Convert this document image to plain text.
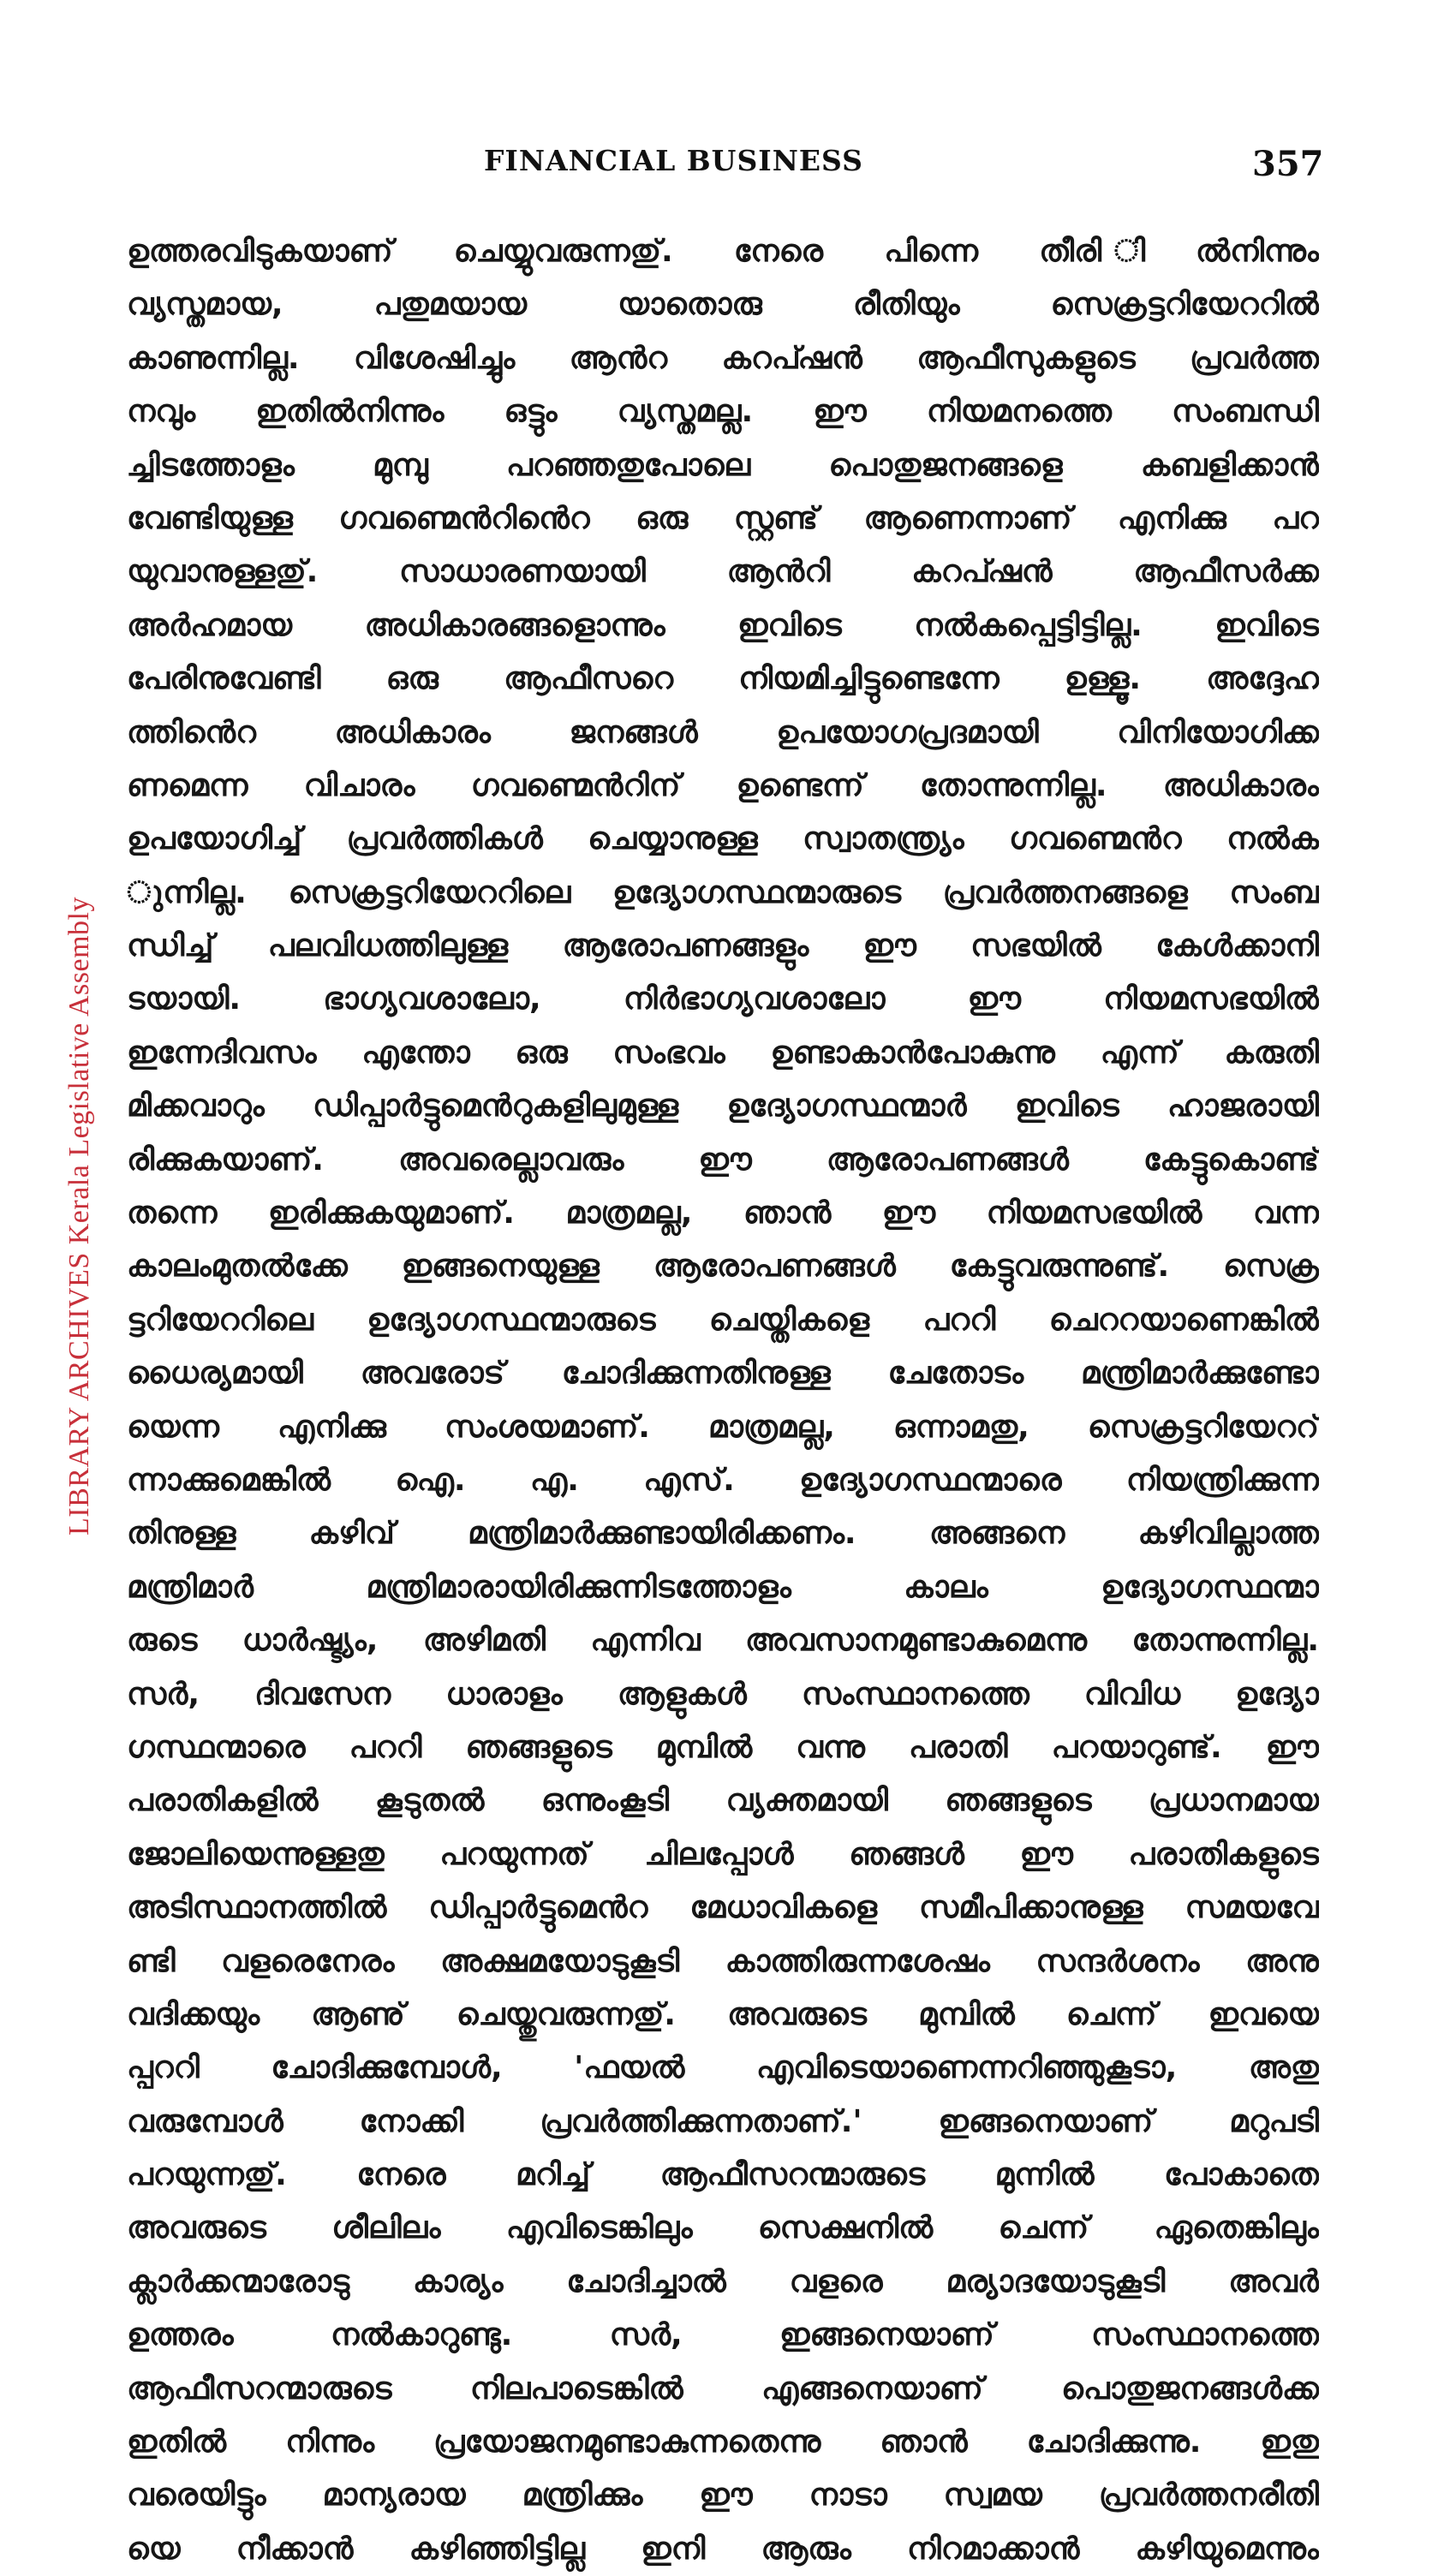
FINANCIAL BUSINESS	357
LIBRARY ARCHIVES Kerala Legislative Assembly
ഉത്തരവിടുകയാണ് ചെയ്യുവരുന്നതു്. നേരെ പിന്നെ തീരി ിൽനിന്നും
വ്യസ്തമായ, പതുമയായ യാതൊരു രീതിയും സെക്രട്ടറിയേററിൽ
കാണുന്നില്ല. വിശേഷിച്ചും ആൻറ കറപ്ഷൻ ആഫീസുകളുടെ പ്രവർത്ത
നവും ഇതിൽനിന്നും ഒട്ടും വ്യസ്തമല്ല. ഈ നിയമനത്തെ സംബന്ധി
ച്ചിടത്തോളം മുമ്പു പറഞ്ഞതുപോലെ പൊതുജനങ്ങളെ കബളിക്കാൻ
വേണ്ടിയുള്ള ഗവണ്മെൻറിൻെറ ഒരു സ്റ്റണ്ട് ആണെന്നാണ് എനിക്കു പറ
യുവാനുള്ളതു്. സാധാരണയായി ആൻറി കറപ്ഷൻ ആഫീസർക്ക
അർഹമായ അധികാരങ്ങളൊന്നും ഇവിടെ നൽകപ്പെട്ടിട്ടില്ല. ഇവിടെ
പേരിനുവേണ്ടി ഒരു ആഫീസറെ നിയമിച്ചിട്ടുണ്ടെന്നേ ഉള്ളൂ. അദ്ദേഹ
ത്തിൻെറ അധികാരം ജനങ്ങൾ ഉപയോഗപ്രദമായി വിനിയോഗിക്ക
ണമെന്ന വിചാരം ഗവണ്മെൻറിന് ഉണ്ടെന്ന് തോന്നുന്നില്ല. അധികാരം
ഉപയോഗിച്ച് പ്രവർത്തികൾ ചെയ്യാനുള്ള സ്വാതന്ത്ര്യം ഗവണ്മെൻറ നൽക
ുന്നില്ല. സെക്രട്ടറിയേററിലെ ഉദ്യോഗസ്ഥന്മാരുടെ പ്രവർത്തനങ്ങളെ സംബ
ന്ധിച്ച് പലവിധത്തിലുള്ള ആരോപണങ്ങളും ഈ സഭയിൽ കേൾക്കാനി
ടയായി. ഭാഗ്യവശാലോ, നിർഭാഗ്യവശാലോ ഈ നിയമസഭയിൽ
ഇന്നേദിവസം എന്തോ ഒരു സംഭവം ഉണ്ടാകാൻപോകുന്നു എന്ന് കരുതി
മിക്കവാറും ഡിപ്പാർട്ടുമെൻറുകളിലുമുള്ള ഉദ്യോഗസ്ഥന്മാർ ഇവിടെ ഹാജരായി
രിക്കുകയാണ്. അവരെല്ലാവരും ഈ ആരോപണങ്ങൾ കേട്ടുകൊണ്ട്
തന്നെ ഇരിക്കുകയുമാണ്. മാത്രമല്ല, ഞാൻ ഈ നിയമസഭയിൽ വന്ന
കാലംമുതൽക്കേ ഇങ്ങനെയുള്ള ആരോപണങ്ങൾ കേട്ടുവരുന്നുണ്ട്. സെക്ര
ട്ടറിയേററിലെ ഉദ്യോഗസ്ഥന്മാരുടെ ചെയ്തികളെ പററി ചെററയാണെങ്കിൽ
ധൈര്യമായി അവരോട് ചോദിക്കുന്നതിനുള്ള ചേതോടം മന്ത്രിമാർക്കുണ്ടോ
യെന്ന എനിക്കു സംശയമാണ്. മാത്രമല്ല, ഒന്നാമതു, സെക്രട്ടറിയേററ്
ന്നാക്കുമെങ്കിൽ ഐ. എ. എസ്. ഉദ്യോഗസ്ഥന്മാരെ നിയന്ത്രിക്കുന്ന
തിനുള്ള കഴിവ് മന്ത്രിമാർക്കുണ്ടായിരിക്കണം. അങ്ങനെ കഴിവില്ലാത്ത
മന്ത്രിമാർ മന്ത്രിമാരായിരിക്കുന്നിടത്തോളം കാലം ഉദ്യോഗസ്ഥന്മാ
രുടെ ധാർഷ്ട്യം, അഴിമതി എന്നിവ അവസാനമുണ്ടാകുമെന്നു തോന്നുന്നില്ല.
സർ, ദിവസേന ധാരാളം ആളുകൾ സംസ്ഥാനത്തെ വിവിധ ഉദ്യോ
ഗസ്ഥന്മാരെ പററി ഞങ്ങളുടെ മുമ്പിൽ വന്നു പരാതി പറയാറുണ്ട്. ഈ
പരാതികളിൽ കൂടുതൽ ഒന്നുംകൂടി വ്യക്തമായി ഞങ്ങളുടെ പ്രധാനമായ
ജോലിയെന്നുള്ളതു പറയുന്നത് ചിലപ്പോൾ ഞങ്ങൾ ഈ പരാതികളുടെ
അടിസ്ഥാനത്തിൽ ഡിപ്പാർട്ടുമെൻറ മേധാവികളെ സമീപിക്കാനുള്ള സമയവേ
ണ്ടി വളരെനേരം അക്ഷമയോടുകൂടി കാത്തിരുന്നശേഷം സന്ദർശനം അനു
വദിക്കയും ആണു് ചെയ്തുവരുന്നതു്. അവരുടെ മുമ്പിൽ ചെന്ന് ഇവയെ
പ്പററി ചോദിക്കുമ്പോൾ, 'ഫയൽ എവിടെയാണെന്നറിഞ്ഞുകൂടാ, അതു
വരുമ്പോൾ നോക്കി പ്രവർത്തിക്കുന്നതാണ്.' ഇങ്ങനെയാണ് മറുപടി
പറയുന്നതു്. നേരെ മറിച്ച് ആഫീസറന്മാരുടെ മുന്നിൽ പോകാതെ
അവരുടെ ശീലിലം എവിടെങ്കിലും സെക്ഷനിൽ ചെന്ന് ഏതെങ്കിലും
ക്ലാർക്കന്മാരോടു കാര്യം ചോദിച്ചാൽ വളരെ മര്യാദയോടുകൂടി അവർ
ഉത്തരം നൽകാറുണ്ടു. സർ, ഇങ്ങനെയാണ് സംസ്ഥാനത്തെ
ആഫീസറന്മാരുടെ നിലപാടെങ്കിൽ എങ്ങനെയാണ് പൊതുജനങ്ങൾക്ക
ഇതിൽ നിന്നും പ്രയോജനമുണ്ടാകുന്നതെന്നു ഞാൻ ചോദിക്കുന്നു. ഇതു
വരെയിട്ടും മാന്യരായ മന്ത്രിക്കും ഈ നാടാ സ്വമയ പ്രവർത്തനരീതി
യെ നീക്കാൻ കഴിഞ്ഞിട്ടില്ല ഇനി ആരും നിറമാക്കാൻ കഴിയുമെന്നും
